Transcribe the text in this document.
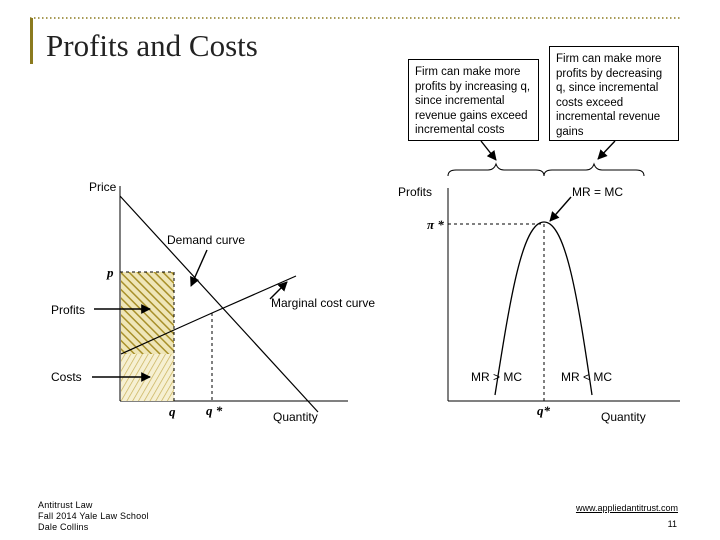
Profits and Costs
Firm can make more profits by increasing q, since incremental revenue gains exceed incremental costs
Firm can make more profits by decreasing q, since incremental costs exceed incremental revenue gains
Price
Demand curve
p
Marginal cost curve
Profits
Costs
q q *	Quantity
Profits	MR = MC
π *
MR > MC	MR < MC
q*	Quantity
Antitrust Law
Fall 2014 Yale Law School
Dale Collins
www.appliedantitrust.com
11
